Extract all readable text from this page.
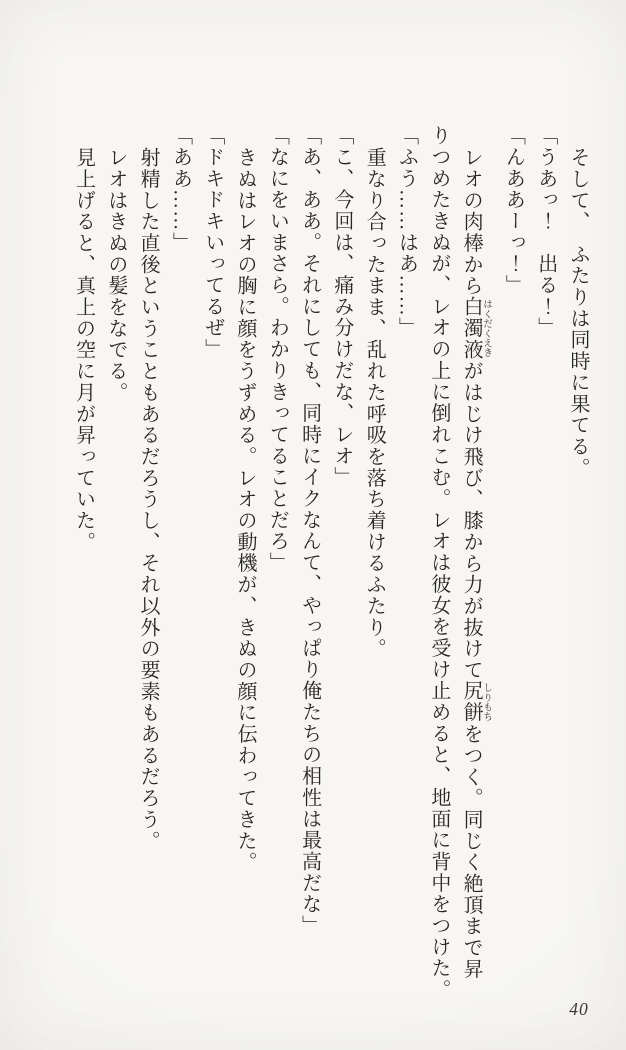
そして、　ふたりは同時に果てる。

「うあっ！　出る！」

「んああーっ！」

レオの肉棒から白濁液 はくだくえきがはじけ飛び、膝から力が抜けて尻餅 しりもちをつく。同じく絶頂まで昇

りつめたきぬが、レオの上に倒れこむ。レオは彼女を受け止めると、地面に背中をつけた。

「ふう……はあ……」

重なり合ったまま、乱れた呼吸を落ち着けるふたり。

「こ、今回は、痛み分けだな、レオ」

「あ、ああ。それにしても、同時にイクなんて、やっぱり俺たちの相性は最高だな」

「なにをいまさら。わかりきってることだろ」

きぬはレオの胸に顔をうずめる。レオの動機が、きぬの顔に伝わってきた。

「ドキドキいってるぜ」

「ああ……」

射精した直後ということもあるだろうし、それ以外の要素もあるだろう。

レオはきぬの髪をなでる。

見上げると、真上の空に月が昇っていた。

40
